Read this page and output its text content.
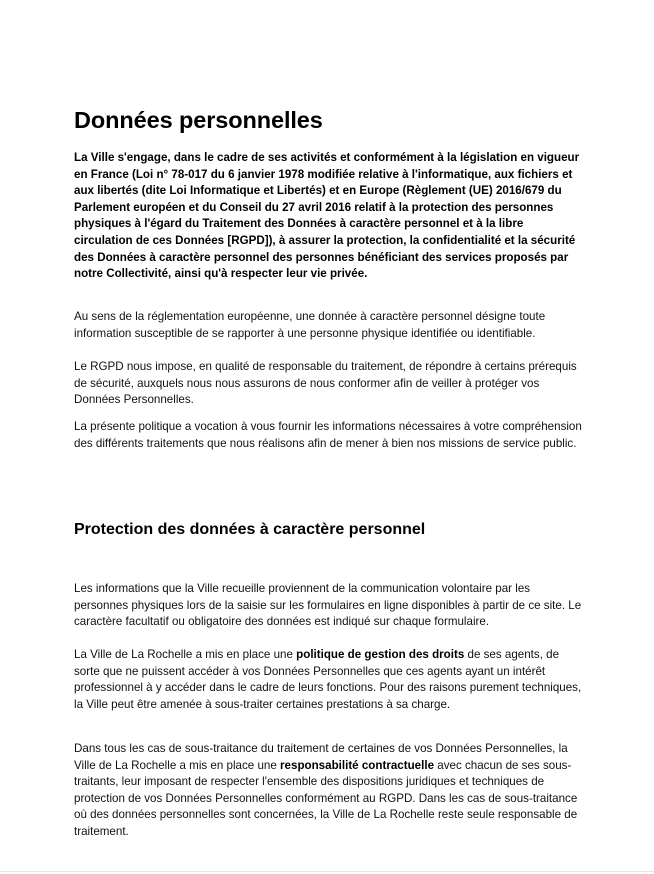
Données personnelles

La Ville s'engage, dans le cadre de ses activités et conformément à la législation en vigueur en France (Loi n° 78-017 du 6 janvier 1978 modifiée relative à l'informatique, aux fichiers et aux libertés (dite Loi Informatique et Libertés) et en Europe (Règlement (UE) 2016/679 du Parlement européen et du Conseil du 27 avril 2016 relatif à la protection des personnes physiques à l'égard du Traitement des Données à caractère personnel et à la libre circulation de ces Données [RGPD]), à assurer la protection, la confidentialité et la sécurité des Données à caractère personnel des personnes bénéficiant des services proposés par notre Collectivité, ainsi qu'à respecter leur vie privée.

Au sens de la réglementation européenne, une donnée à caractère personnel désigne toute information susceptible de se rapporter à une personne physique identifiée ou identifiable.

Le RGPD nous impose, en qualité de responsable du traitement, de répondre à certains prérequis de sécurité, auxquels nous nous assurons de nous conformer afin de veiller à protéger vos Données Personnelles.

La présente politique a vocation à vous fournir les informations nécessaires à votre compréhension des différents traitements que nous réalisons afin de mener à bien nos missions de service public.

Protection des données à caractère personnel

Les informations que la Ville recueille proviennent de la communication volontaire par les personnes physiques lors de la saisie sur les formulaires en ligne disponibles à partir de ce site. Le caractère facultatif ou obligatoire des données est indiqué sur chaque formulaire.

La Ville de La Rochelle a mis en place une politique de gestion des droits de ses agents, de sorte que ne puissent accéder à vos Données Personnelles que ces agents ayant un intérêt professionnel à y accéder dans le cadre de leurs fonctions. Pour des raisons purement techniques, la Ville peut être amenée à sous-traiter certaines prestations à sa charge.

Dans tous les cas de sous-traitance du traitement de certaines de vos Données Personnelles, la Ville de La Rochelle a mis en place une responsabilité contractuelle avec chacun de ses sous-traitants, leur imposant de respecter l'ensemble des dispositions juridiques et techniques de protection de vos Données Personnelles conformément au RGPD. Dans les cas de sous-traitance où des données personnelles sont concernées, la Ville de La Rochelle reste seule responsable de traitement.
